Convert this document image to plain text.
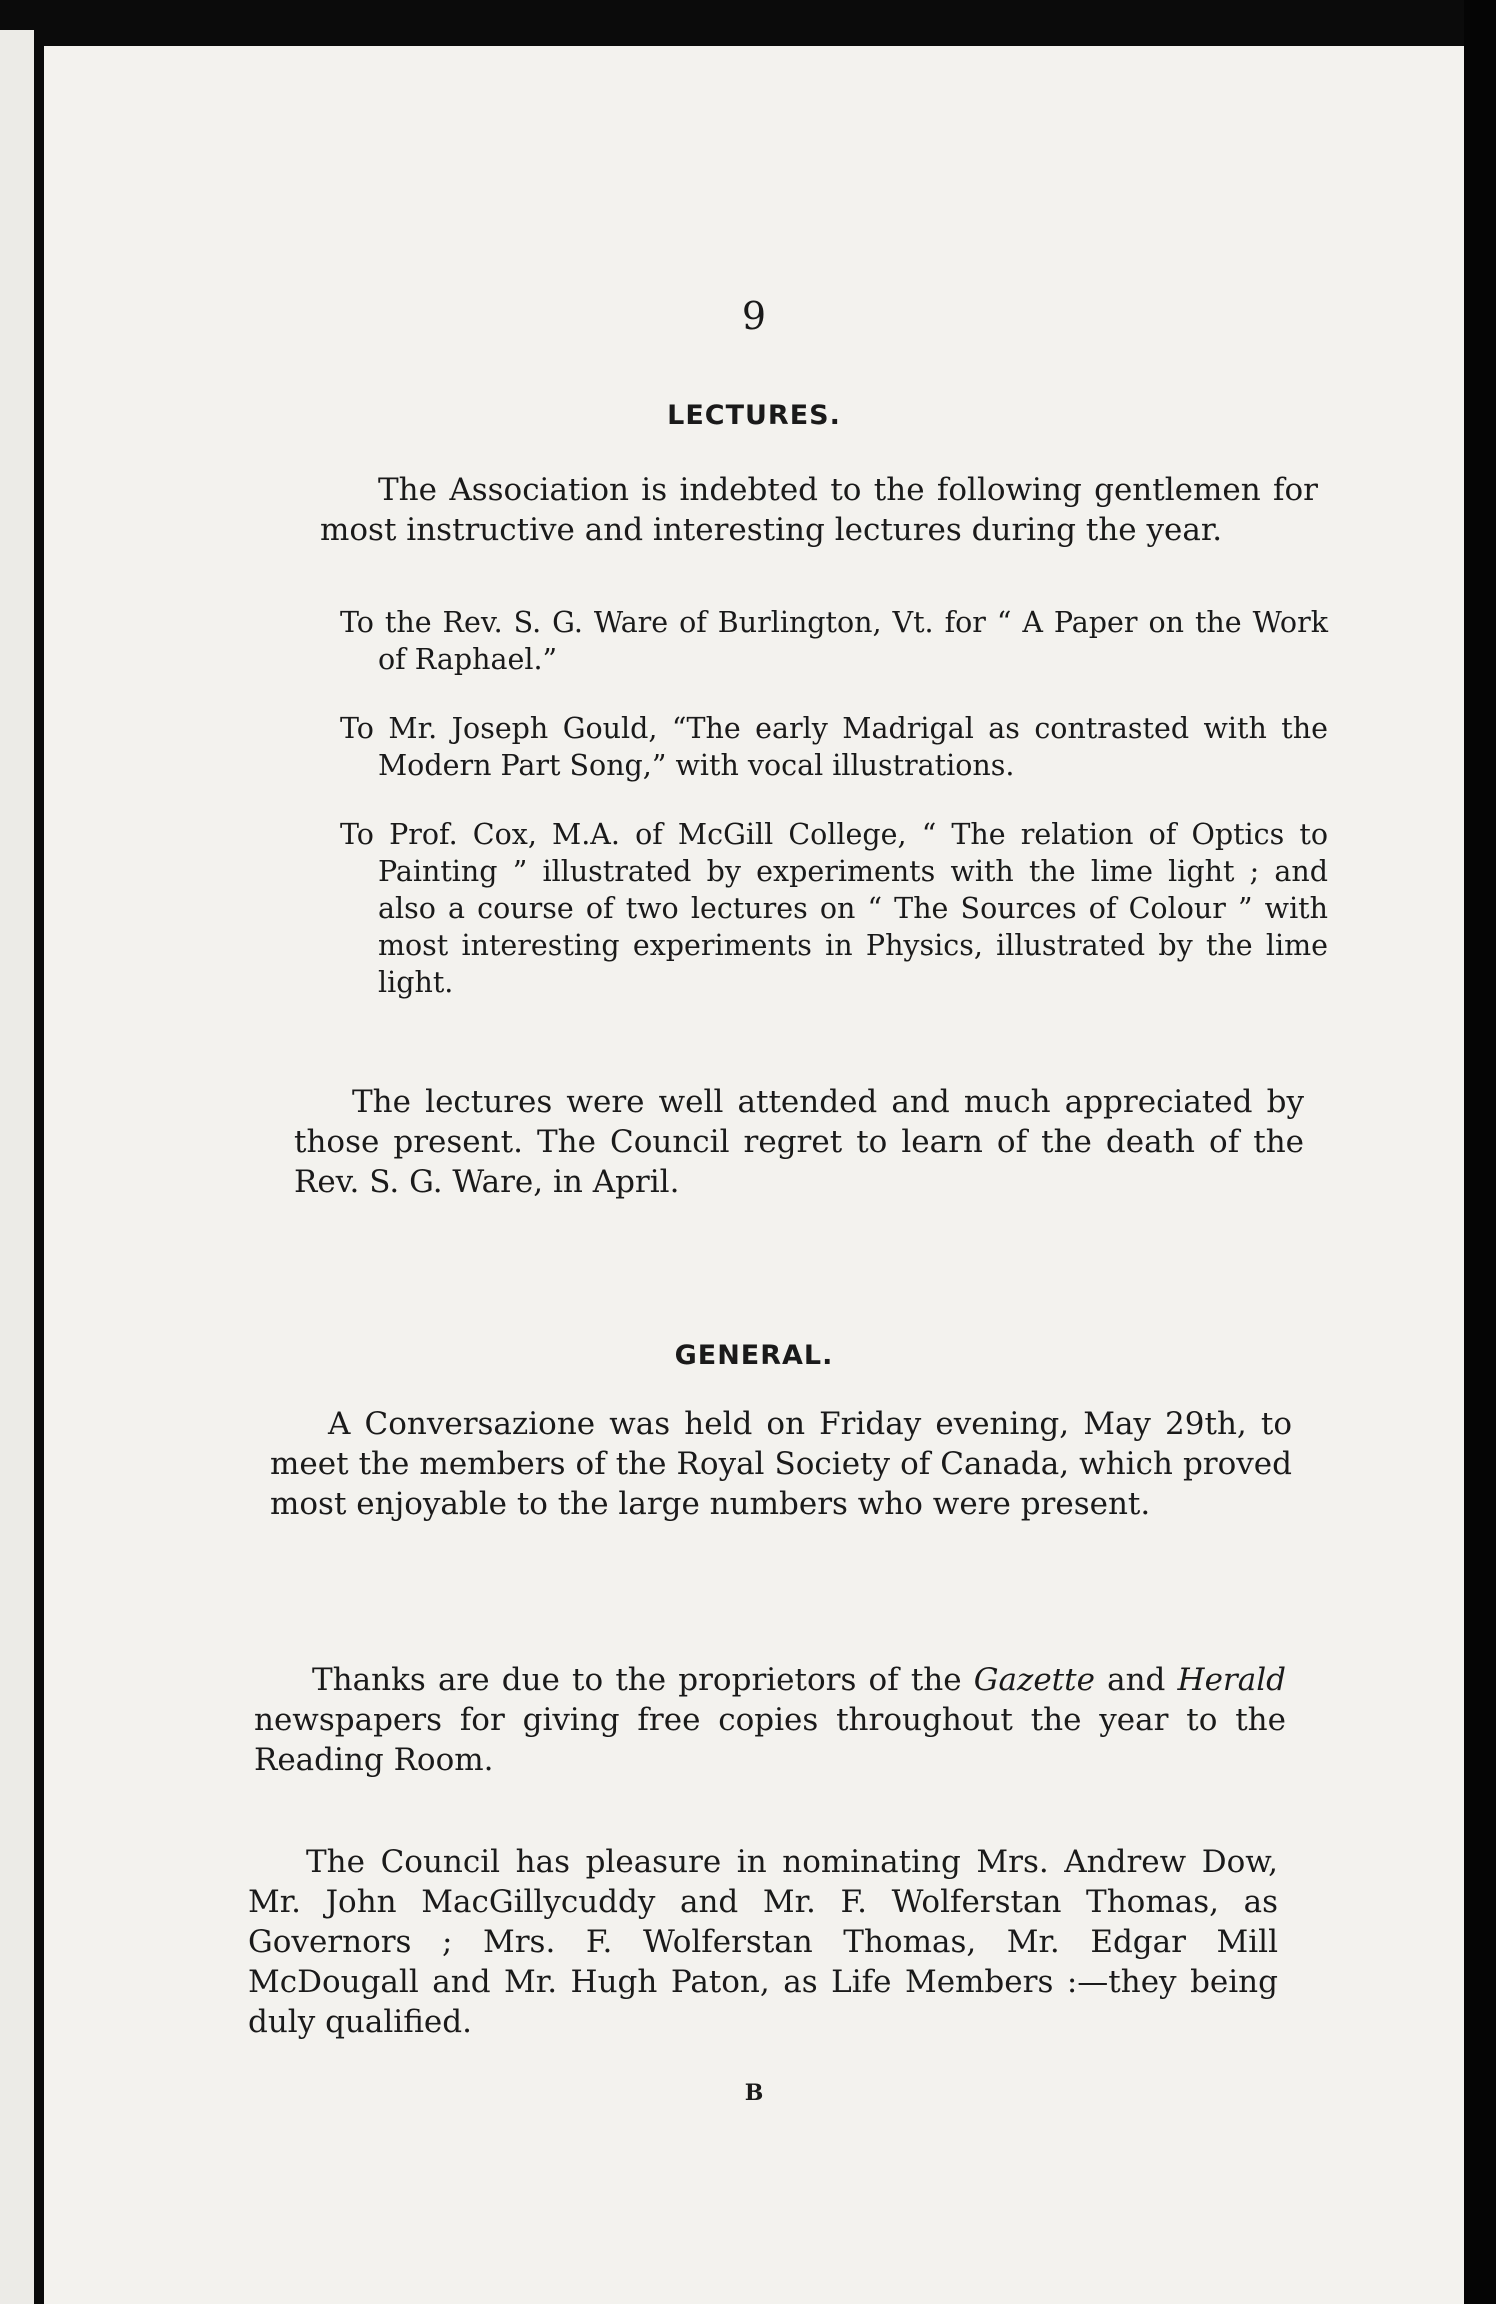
9

LECTURES.

The Association is indebted to the following gentlemen for most instructive and interesting lectures during the year.

To the Rev. S. G. Ware of Burlington, Vt. for “ A Paper on the Work of Raphael.”

To Mr. Joseph Gould, “The early Madrigal as contrasted with the Modern Part Song,” with vocal illustrations.

To Prof. Cox, M.A. of McGill College, “ The relation of Optics to Painting ” illustrated by experiments with the lime light ; and also a course of two lectures on “ The Sources of Colour ” with most interesting experiments in Physics, illustrated by the lime light.

The lectures were well attended and much appreciated by those present. The Council regret to learn of the death of the Rev. S. G. Ware, in April.

GENERAL.

A Conversazione was held on Friday evening, May 29th, to meet the members of the Royal Society of Canada, which proved most enjoyable to the large numbers who were present.

Thanks are due to the proprietors of the Gazette and Herald newspapers for giving free copies throughout the year to the Reading Room.

The Council has pleasure in nominating Mrs. Andrew Dow, Mr. John MacGillycuddy and Mr. F. Wolferstan Thomas, as Governors ; Mrs. F. Wolferstan Thomas, Mr. Edgar Mill McDougall and Mr. Hugh Paton, as Life Members :—they being duly qualified.

B
